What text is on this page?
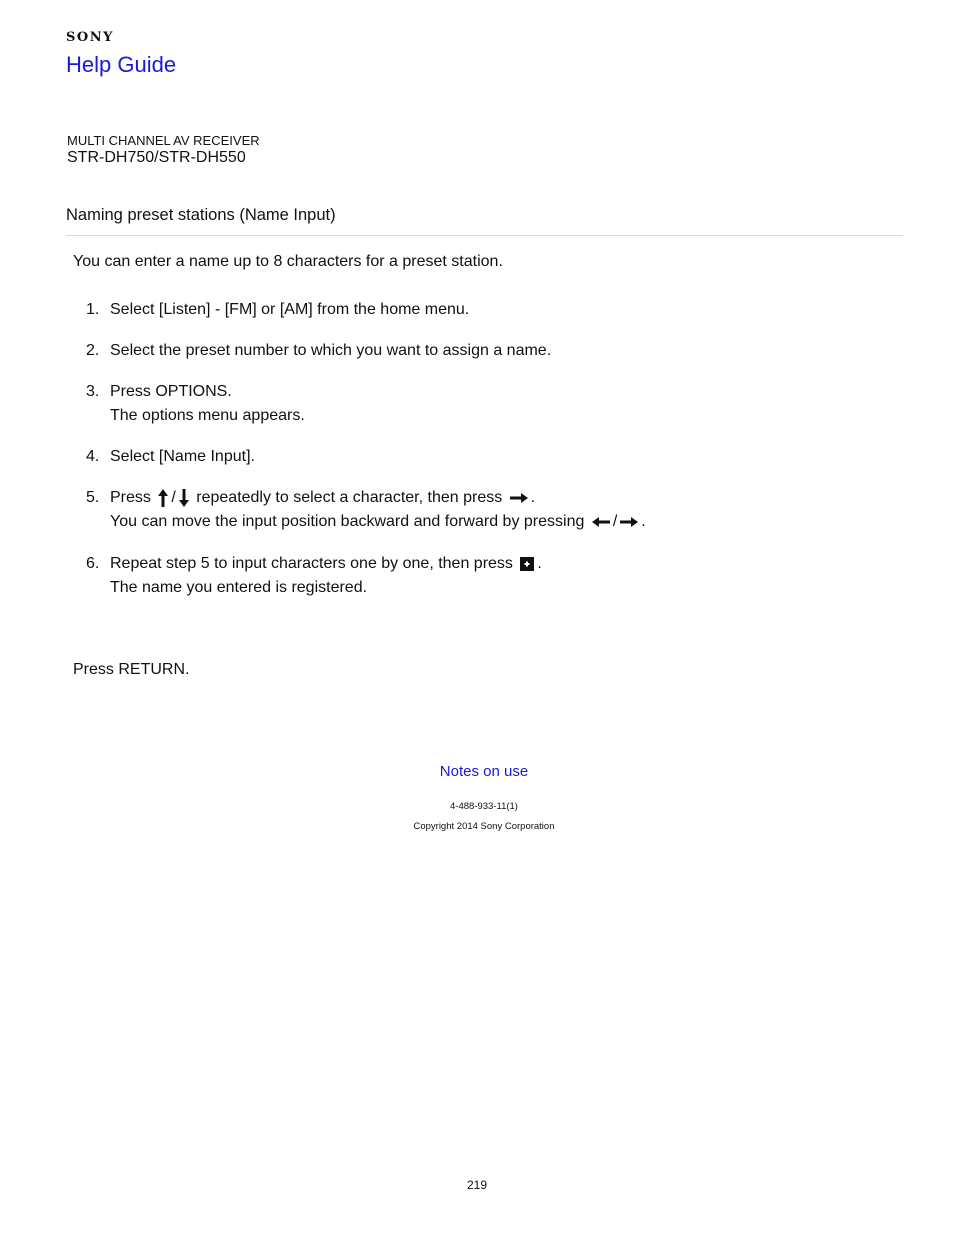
SONY
Help Guide
MULTI CHANNEL AV RECEIVER
STR-DH750/STR-DH550
Naming preset stations (Name Input)
You can enter a name up to 8 characters for a preset station.
1. Select [Listen] - [FM] or [AM] from the home menu.
2. Select the preset number to which you want to assign a name.
3. Press OPTIONS.
The options menu appears.
4. Select [Name Input].
5. Press / repeatedly to select a character, then press .
You can move the input position backward and forward by pressing / .
6. Repeat step 5 to input characters one by one, then press .
The name you entered is registered.
Press RETURN.
Notes on use
4-488-933-11(1)
Copyright 2014 Sony Corporation
219
